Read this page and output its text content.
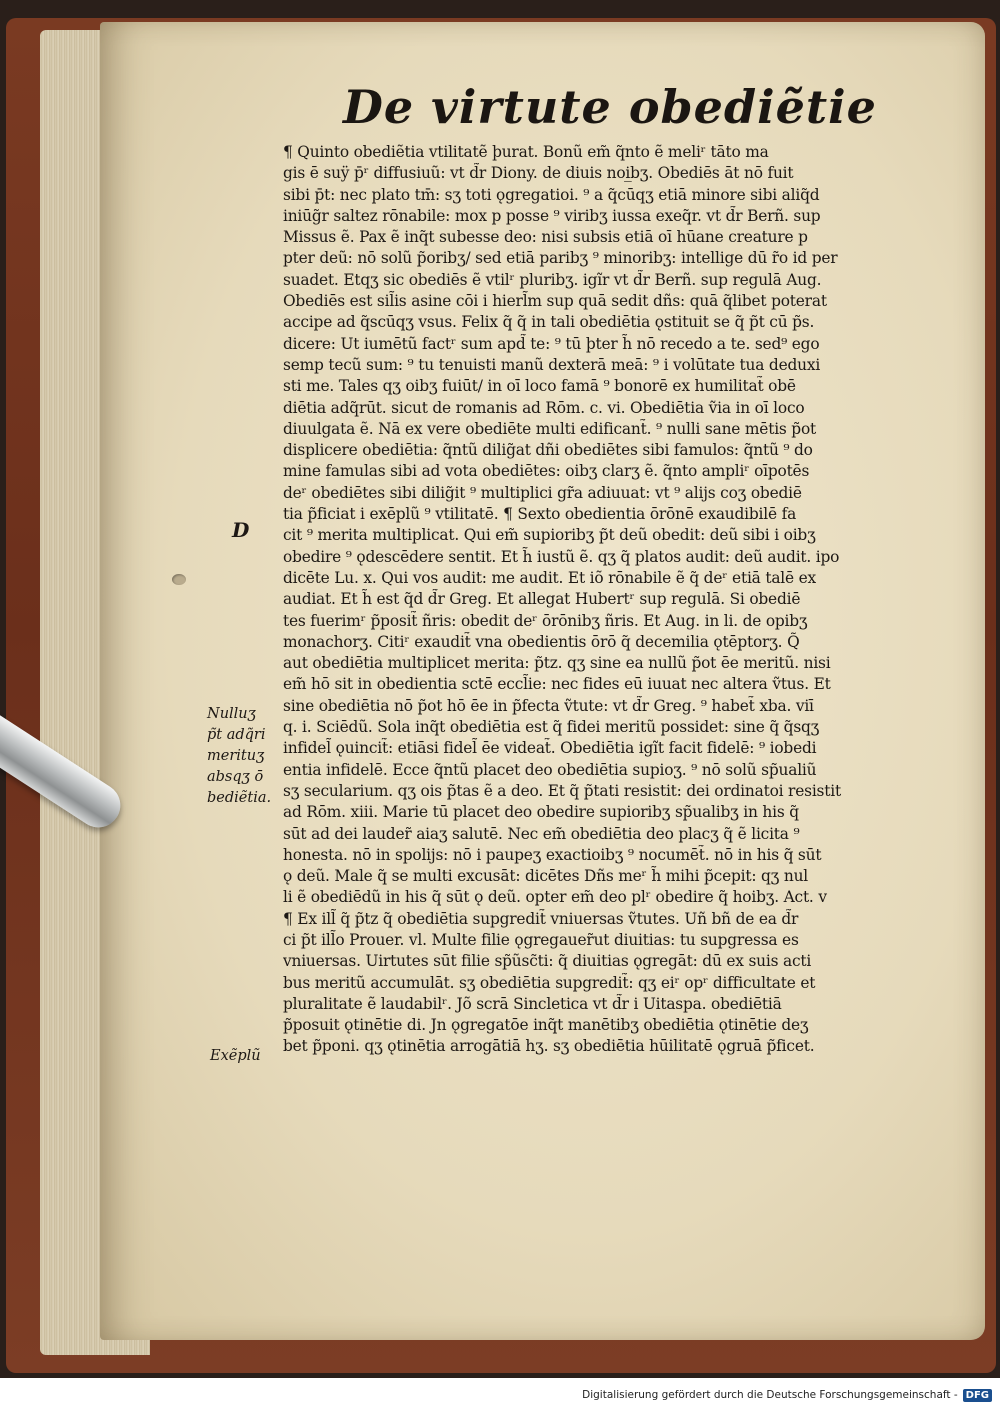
De virtute obediẽtie
D
Nulluʒ
p̃t adq̃ri
merituʒ
absqʒ ō
bediẽtia.
Exẽplũ
¶ Quinto obediẽtia vtilitatẽ þurat. Bonũ em̃ q̃nto ẽ meliʳ tāto ma
gis ē suÿ p̄ʳ diffusiuũ: vt d̃r Diony. de diuis noi̲bʒ. Obediēs āt nō fuit
sibi p̄t: nec plato tm̄: sʒ toti ǫgregatioi. ⁹ a q̃cūqʒ etiā minore sibi aliq̃d
iniūg̃r saltez rōnabile: mox p posse ⁹ viribʒ iussa exeq̃r. vt d̃r Berñ. sup
Missus ẽ. Pax ẽ inq̃t subesse deo: nisi subsis etiā oī hūane creature p
pter deũ: nō solũ p̃oribʒ/ sed etiā paribʒ ⁹ minoribʒ: intellige dū r̃o id per
suadet. Etqʒ sic obediēs ẽ vtilʳ pluribʒ. igĩr vt d̃r Berñ. sup regulā Aug.
Obediēs est sil̃is asine cōi i hierl̃m sup quā sedit dñs: quā q̃libet poterat
accipe ad q̃scūqʒ vsus. Felix q̃ q̃ in tali obediētia ǫstituit se q̃ p̃t cū p̃s.
dicere: Ut iumētũ factʳ sum apd̃ te: ⁹ tū þter h̃ nō recedo a te. sed⁹ ego
semp tecũ sum: ⁹ tu tenuisti manũ dexterā meā: ⁹ i volūtate tua deduxi
sti me. Tales qʒ oibʒ fuiūt/ in oī loco famā ⁹ bonorē ex humilitat̃ obē
diētia adq̃rūt. sicut de romanis ad Rōm. c. vi. Obediētia ṽia in oī loco
diuulgata ẽ. Nā ex vere obediēte multi edificant̃. ⁹ nulli sane mētis p̃ot
displicere obediētia: q̃ntũ dilig̃at dñi obediētes sibi famulos: q̃ntũ ⁹ do
mine famulas sibi ad vota obediētes: oibʒ clarʒ ẽ. q̃nto ampliʳ oīpotēs
deʳ obediētes sibi dilig̃it ⁹ multiplici gr̃a adiuuat: vt ⁹ alijs coʒ obediē
tia p̃ficiat i exēplũ ⁹ vtilitatē. ¶ Sexto obedientia ōrōnē exaudibilē fa
cit ⁹ merita multiplicat. Qui em̃ supioribʒ p̃t deũ obedit: deũ sibi i oibʒ
obedire ⁹ ǫdescēdere sentit. Et h̃ iustũ ẽ. qʒ q̃ platos audit: deũ audit. ipo
dicēte Lu. x. Qui vos audit: me audit. Et iõ rōnabile ẽ q̃ deʳ etiā talē ex
audiat. Et h̃ est q̃d d̃r Greg. Et allegat Hubertʳ sup regulā. Si obediē
tes fuerimʳ p̃posit̃ ñris: obedit deʳ ōrōnibʒ ñris. Et Aug. in li. de opibʒ
monachorʒ. Citiʳ exaudit̃ vna obedientis ōrō q̃ decemilia ǫtēptorʒ. Q̃
aut obediētia multiplicet merita: p̃tz. qʒ sine ea nullũ p̃ot ēe meritũ. nisi
em̃ hō sit in obedientia sctē eccl̃ie: nec fides eū iuuat nec altera ṽtus. Et
sine obediētia nō p̃ot hō ēe in p̃fecta ṽtute: vt d̃r Greg. ⁹ habet̃ xba. viī
q. i. Sciēdũ. Sola inq̃t obediētia est q̃ fidei meritũ possidet: sine q̃ q̃sqʒ
infidel̃ ǫuincit̃: etiāsi fidel̃ ēe videat̃. Obediētia igĩt facit fidelē: ⁹ iobedi
entia infidelē. Ecce q̃ntũ placet deo obediētia supioʒ. ⁹ nō solũ sp̃ualiũ
sʒ secularium. qʒ ois p̃tas ẽ a deo. Et q̃ p̃tati resistit: dei ordinatoi resistit
ad Rōm. xiii. Marie tū placet deo obedire supioribʒ sp̃ualibʒ in his q̃
sūt ad dei lauder̃ aiaʒ salutē. Nec em̃ obediētia deo placʒ q̃ ẽ licita ⁹
honesta. nō in spolijs: nō i paupeʒ exactioibʒ ⁹ nocumēt̃. nō in his q̃ sūt
ǫ deũ. Male q̃ se multi excusāt: dicētes Dñs meʳ h̃ mihi p̃cepit: qʒ nul
li ẽ obediēdũ in his q̃ sūt ǫ deũ. opter em̃ deo plʳ obedire q̃ hoibʒ. Act. v
¶ Ex ill̃ q̃ p̃tz q̃ obediētia supgredit̃ vniuersas ṽtutes. Uñ bñ de ea d̃r
ci p̃t ill̃o Prouer. vl. Multe filie ǫgregauer̃ut diuitias: tu supgressa es
vniuersas. Uirtutes sūt filie sp̃ũsc̃ti: q̃ diuitias ǫgregāt: dū ex suis acti
bus meritũ accumulāt. sʒ obediētia supgredit̃: qʒ eiʳ opʳ difficultate et
pluralitate ẽ laudabilʳ. Jõ scrā Sincletica vt d̃r i Uitaspa. obediētiā
p̃posuit ǫtinētie di. Jn ǫgregatōe inq̃t manētibʒ obediētia ǫtinētie deʒ
bet p̃poni. qʒ ǫtinētia arrogātiā hʒ. sʒ obediētia hūilitatē ǫgruā p̃ficet.
Digitalisierung gefördert durch die Deutsche Forschungsgemeinschaft - DFG
